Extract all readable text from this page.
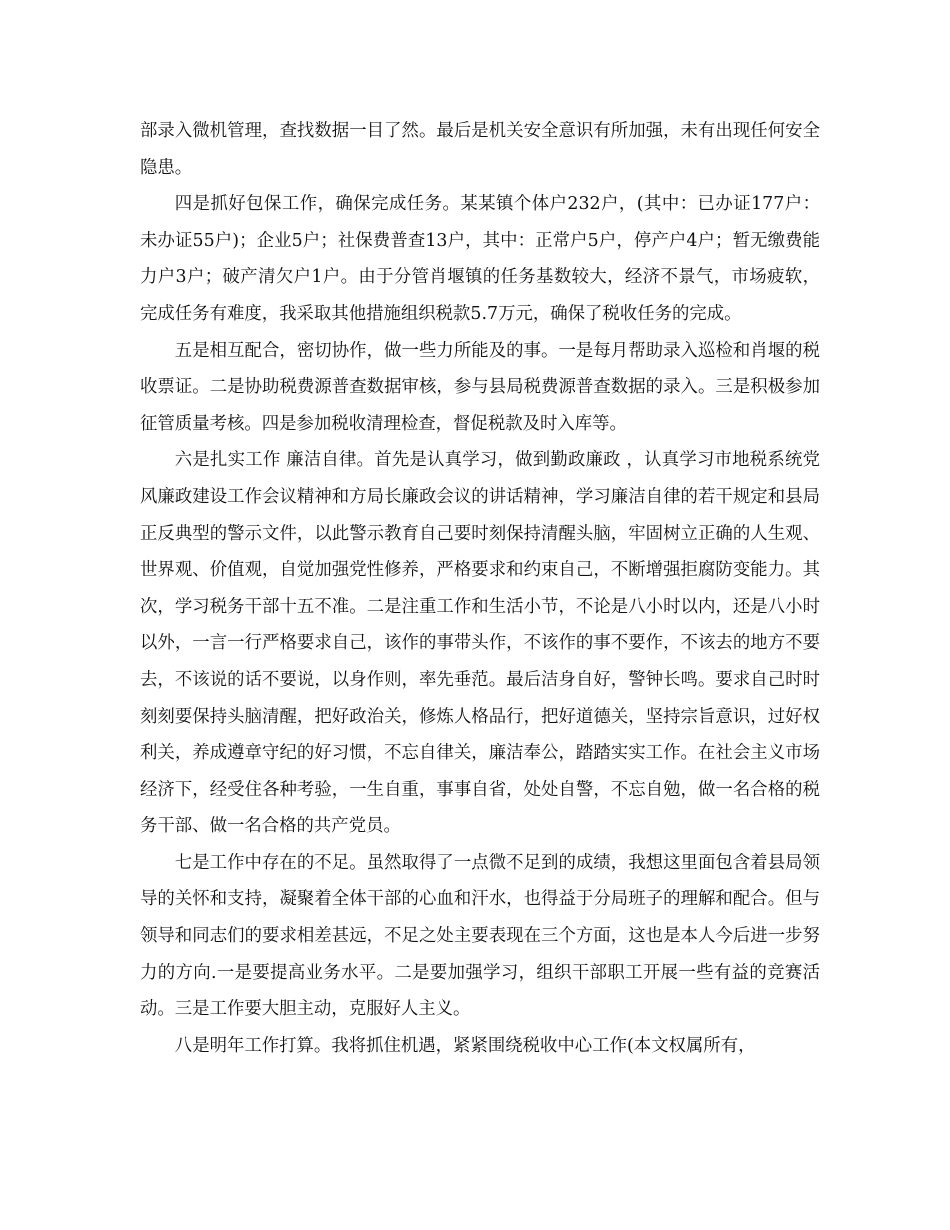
部录入微机管理，查找数据一目了然。最后是机关安全意识有所加强，未有出现任何安全隐患。

四是抓好包保工作，确保完成任务。某某镇个体户232户，(其中：已办证177户：未办证55户)；企业5户；社保费普查13户，其中：正常户5户，停产户4户；暂无缴费能力户3户；破产清欠户1户。由于分管肖堰镇的任务基数较大，经济不景气，市场疲软，完成任务有难度，我采取其他措施组织税款5.7万元，确保了税收任务的完成。

五是相互配合，密切协作，做一些力所能及的事。一是每月帮助录入巡检和肖堰的税收票证。二是协助税费源普查数据审核，参与县局税费源普查数据的录入。三是积极参加征管质量考核。四是参加税收清理检查，督促税款及时入库等。

六是扎实工作 廉洁自律。首先是认真学习，做到勤政廉政 ，认真学习市地税系统党风廉政建设工作会议精神和方局长廉政会议的讲话精神，学习廉洁自律的若干规定和县局正反典型的警示文件，以此警示教育自己要时刻保持清醒头脑，牢固树立正确的人生观、世界观、价值观，自觉加强党性修养，严格要求和约束自己，不断增强拒腐防变能力。其次，学习税务干部十五不准。二是注重工作和生活小节，不论是八小时以内，还是八小时以外，一言一行严格要求自己，该作的事带头作，不该作的事不要作，不该去的地方不要去，不该说的话不要说，以身作则，率先垂范。最后洁身自好，警钟长鸣。要求自己时时刻刻要保持头脑清醒，把好政治关，修炼人格品行，把好道德关，坚持宗旨意识，过好权利关，养成遵章守纪的好习惯，不忘自律关，廉洁奉公，踏踏实实工作。在社会主义市场经济下，经受住各种考验，一生自重，事事自省，处处自警，不忘自勉，做一名合格的税务干部、做一名合格的共产党员。

七是工作中存在的不足。虽然取得了一点微不足到的成绩，我想这里面包含着县局领导的关怀和支持，凝聚着全体干部的心血和汗水，也得益于分局班子的理解和配合。但与领导和同志们的要求相差甚远，不足之处主要表现在三个方面，这也是本人今后进一步努力的方向.一是要提高业务水平。二是要加强学习，组织干部职工开展一些有益的竞赛活动。三是工作要大胆主动，克服好人主义。

八是明年工作打算。我将抓住机遇，紧紧围绕税收中心工作(本文权属所有，
